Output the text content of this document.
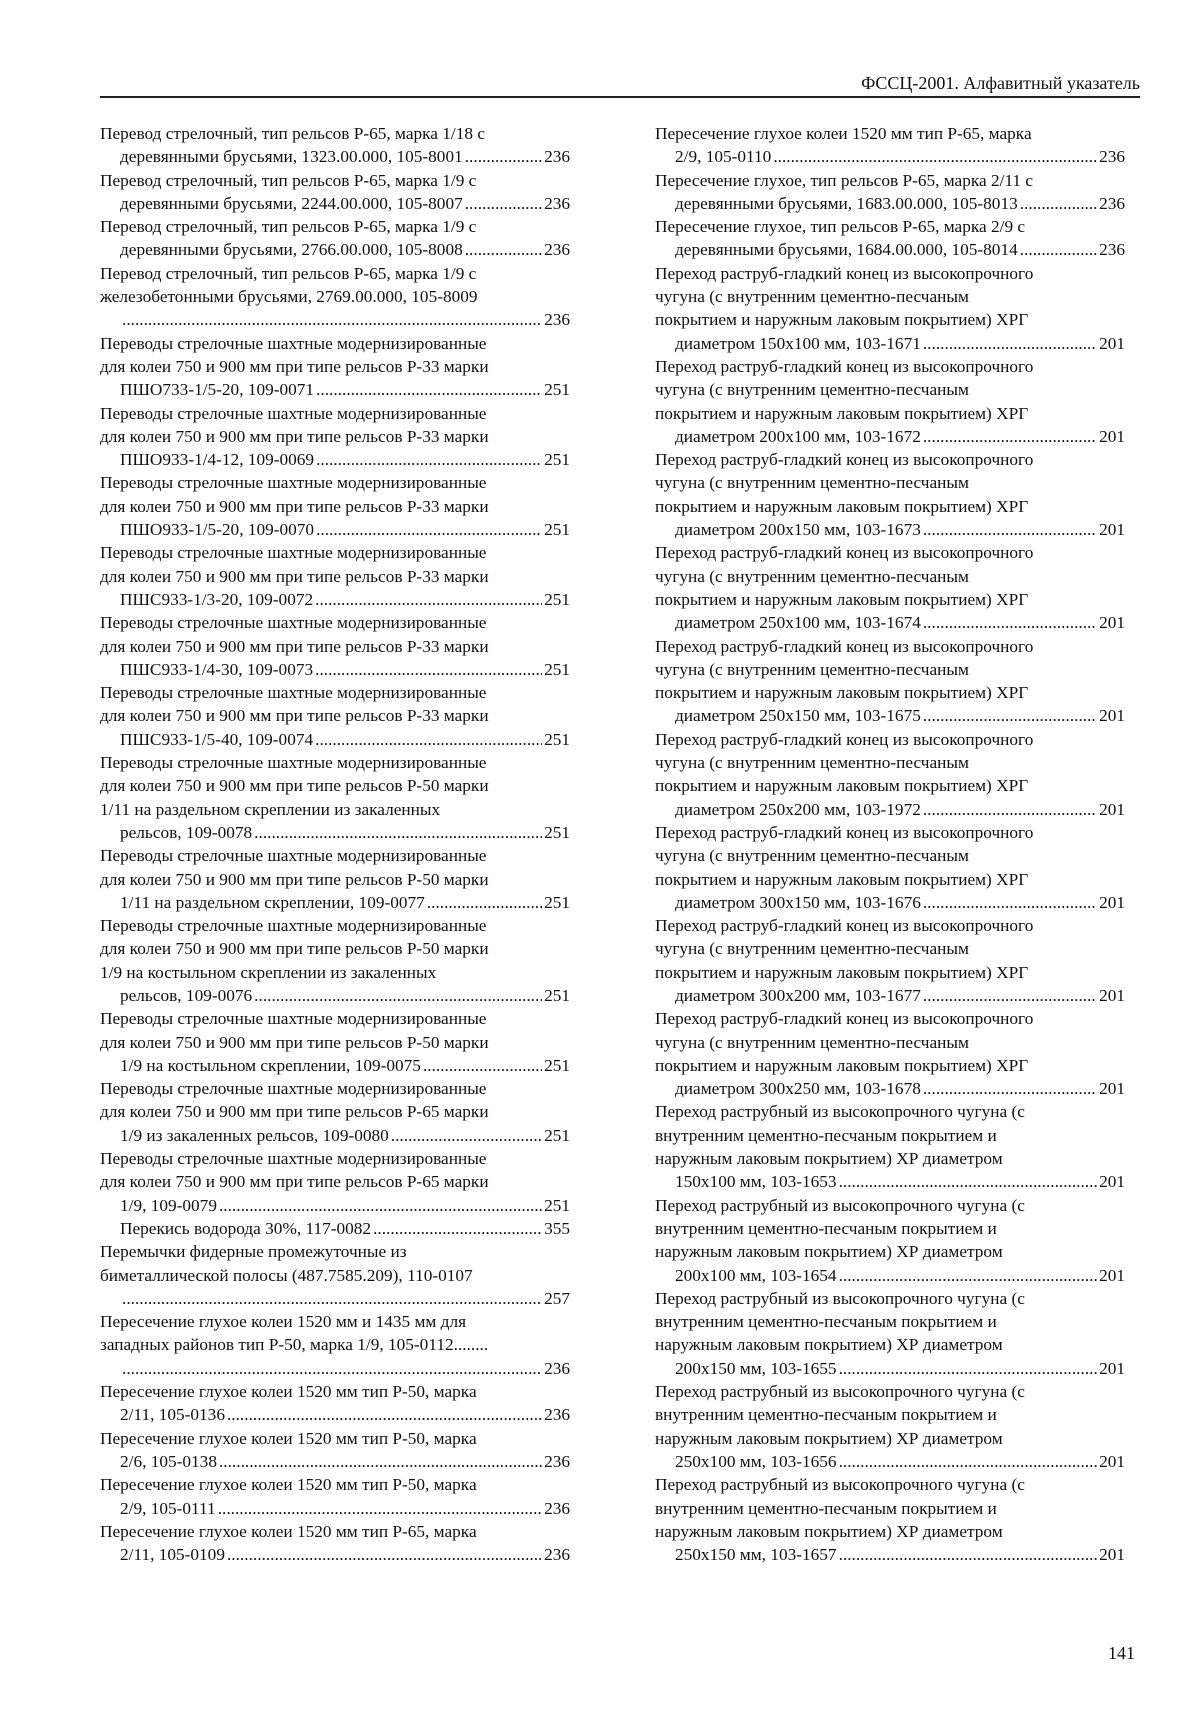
ФССЦ-2001. Алфавитный указатель
Перевод стрелочный, тип рельсов Р-65, марка 1/18 с
деревянными брусьями, 1323.00.000, 105-8001 .....	236
Перевод стрелочный, тип рельсов Р-65, марка 1/9 с
деревянными брусьями, 2244.00.000, 105-8007 .....	236
Перевод стрелочный, тип рельсов Р-65, марка 1/9 с
деревянными брусьями, 2766.00.000, 105-8008 .....	236
Перевод стрелочный, тип рельсов Р-65, марка 1/9 с
железобетонными брусьями, 2769.00.000, 105-8009
.....
236
Переводы стрелочные шахтные модернизированные
для колеи 750 и 900 мм при типе рельсов Р-33 марки
ПШО733-1/5-20, 109-0071 .....	251
Переводы стрелочные шахтные модернизированные
для колеи 750 и 900 мм при типе рельсов Р-33 марки
ПШО933-1/4-12, 109-0069 .....	251
Переводы стрелочные шахтные модернизированные
для колеи 750 и 900 мм при типе рельсов Р-33 марки
ПШО933-1/5-20, 109-0070 .....	251
Переводы стрелочные шахтные модернизированные
для колеи 750 и 900 мм при типе рельсов Р-33 марки
ПШС933-1/3-20, 109-0072 .....	251
Переводы стрелочные шахтные модернизированные
для колеи 750 и 900 мм при типе рельсов Р-33 марки
ПШС933-1/4-30, 109-0073 .....	251
Переводы стрелочные шахтные модернизированные
для колеи 750 и 900 мм при типе рельсов Р-33 марки
ПШС933-1/5-40, 109-0074 .....	251
Переводы стрелочные шахтные модернизированные
для колеи 750 и 900 мм при типе рельсов Р-50 марки
1/11 на раздельном скреплении из закаленных
рельсов, 109-0078 .....	251
Переводы стрелочные шахтные модернизированные
для колеи 750 и 900 мм при типе рельсов Р-50 марки
1/11 на раздельном скреплении, 109-0077 .....	251
Переводы стрелочные шахтные модернизированные
для колеи 750 и 900 мм при типе рельсов Р-50 марки
1/9 на костыльном скреплении из закаленных
рельсов, 109-0076 .....	251
Переводы стрелочные шахтные модернизированные
для колеи 750 и 900 мм при типе рельсов Р-50 марки
1/9 на костыльном скреплении, 109-0075 .....	251
Переводы стрелочные шахтные модернизированные
для колеи 750 и 900 мм при типе рельсов Р-65 марки
1/9 из закаленных рельсов, 109-0080 .....	251
Переводы стрелочные шахтные модернизированные
для колеи 750 и 900 мм при типе рельсов Р-65 марки
1/9, 109-0079 .....	251
Перекись водорода 30%, 117-0082 .....	355
Перемычки фидерные промежуточные из
биметаллической полосы (487.7585.209), 110-0107
.....
257
Пересечение глухое колеи 1520 мм и 1435 мм для
западных районов тип Р-50, марка 1/9, 105-0112........
.....
236
Пересечение глухое колеи 1520 мм тип Р-50, марка
2/11, 105-0136 .....	236
Пересечение глухое колеи 1520 мм тип Р-50, марка
2/6, 105-0138 .....	236
Пересечение глухое колеи 1520 мм тип Р-50, марка
2/9, 105-0111 .....	236
Пересечение глухое колеи 1520 мм тип Р-65, марка
2/11, 105-0109 .....	236
Пересечение глухое колеи 1520 мм тип Р-65, марка
2/9, 105-0110 .....	236
Пересечение глухое, тип рельсов Р-65, марка 2/11 с
деревянными брусьями, 1683.00.000, 105-8013 .....	236
Пересечение глухое, тип рельсов Р-65, марка 2/9 с
деревянными брусьями, 1684.00.000, 105-8014 .....	236
Переход раструб-гладкий конец из высокопрочного
чугуна (с внутренним цементно-песчаным
покрытием и наружным лаковым покрытием) ХРГ
диаметром 150х100 мм, 103-1671 .....	201
Переход раструб-гладкий конец из высокопрочного
чугуна (с внутренним цементно-песчаным
покрытием и наружным лаковым покрытием) ХРГ
диаметром 200х100 мм, 103-1672 .....	201
Переход раструб-гладкий конец из высокопрочного
чугуна (с внутренним цементно-песчаным
покрытием и наружным лаковым покрытием) ХРГ
диаметром 200х150 мм, 103-1673 .....	201
Переход раструб-гладкий конец из высокопрочного
чугуна (с внутренним цементно-песчаным
покрытием и наружным лаковым покрытием) ХРГ
диаметром 250х100 мм, 103-1674 .....	201
Переход раструб-гладкий конец из высокопрочного
чугуна (с внутренним цементно-песчаным
покрытием и наружным лаковым покрытием) ХРГ
диаметром 250х150 мм, 103-1675 .....	201
Переход раструб-гладкий конец из высокопрочного
чугуна (с внутренним цементно-песчаным
покрытием и наружным лаковым покрытием) ХРГ
диаметром 250х200 мм, 103-1972 .....	201
Переход раструб-гладкий конец из высокопрочного
чугуна (с внутренним цементно-песчаным
покрытием и наружным лаковым покрытием) ХРГ
диаметром 300х150 мм, 103-1676 .....	201
Переход раструб-гладкий конец из высокопрочного
чугуна (с внутренним цементно-песчаным
покрытием и наружным лаковым покрытием) ХРГ
диаметром 300х200 мм, 103-1677 .....	201
Переход раструб-гладкий конец из высокопрочного
чугуна (с внутренним цементно-песчаным
покрытием и наружным лаковым покрытием) ХРГ
диаметром 300х250 мм, 103-1678 .....	201
Переход раструбный из высокопрочного чугуна (с
внутренним цементно-песчаным покрытием и
наружным лаковым покрытием) ХР диаметром
150х100 мм, 103-1653 .....	201
Переход раструбный из высокопрочного чугуна (с
внутренним цементно-песчаным покрытием и
наружным лаковым покрытием) ХР диаметром
200х100 мм, 103-1654 .....	201
Переход раструбный из высокопрочного чугуна (с
внутренним цементно-песчаным покрытием и
наружным лаковым покрытием) ХР диаметром
200х150 мм, 103-1655 .....	201
Переход раструбный из высокопрочного чугуна (с
внутренним цементно-песчаным покрытием и
наружным лаковым покрытием) ХР диаметром
250х100 мм, 103-1656 .....	201
Переход раструбный из высокопрочного чугуна (с
внутренним цементно-песчаным покрытием и
наружным лаковым покрытием) ХР диаметром
250х150 мм, 103-1657 .....	201
141
